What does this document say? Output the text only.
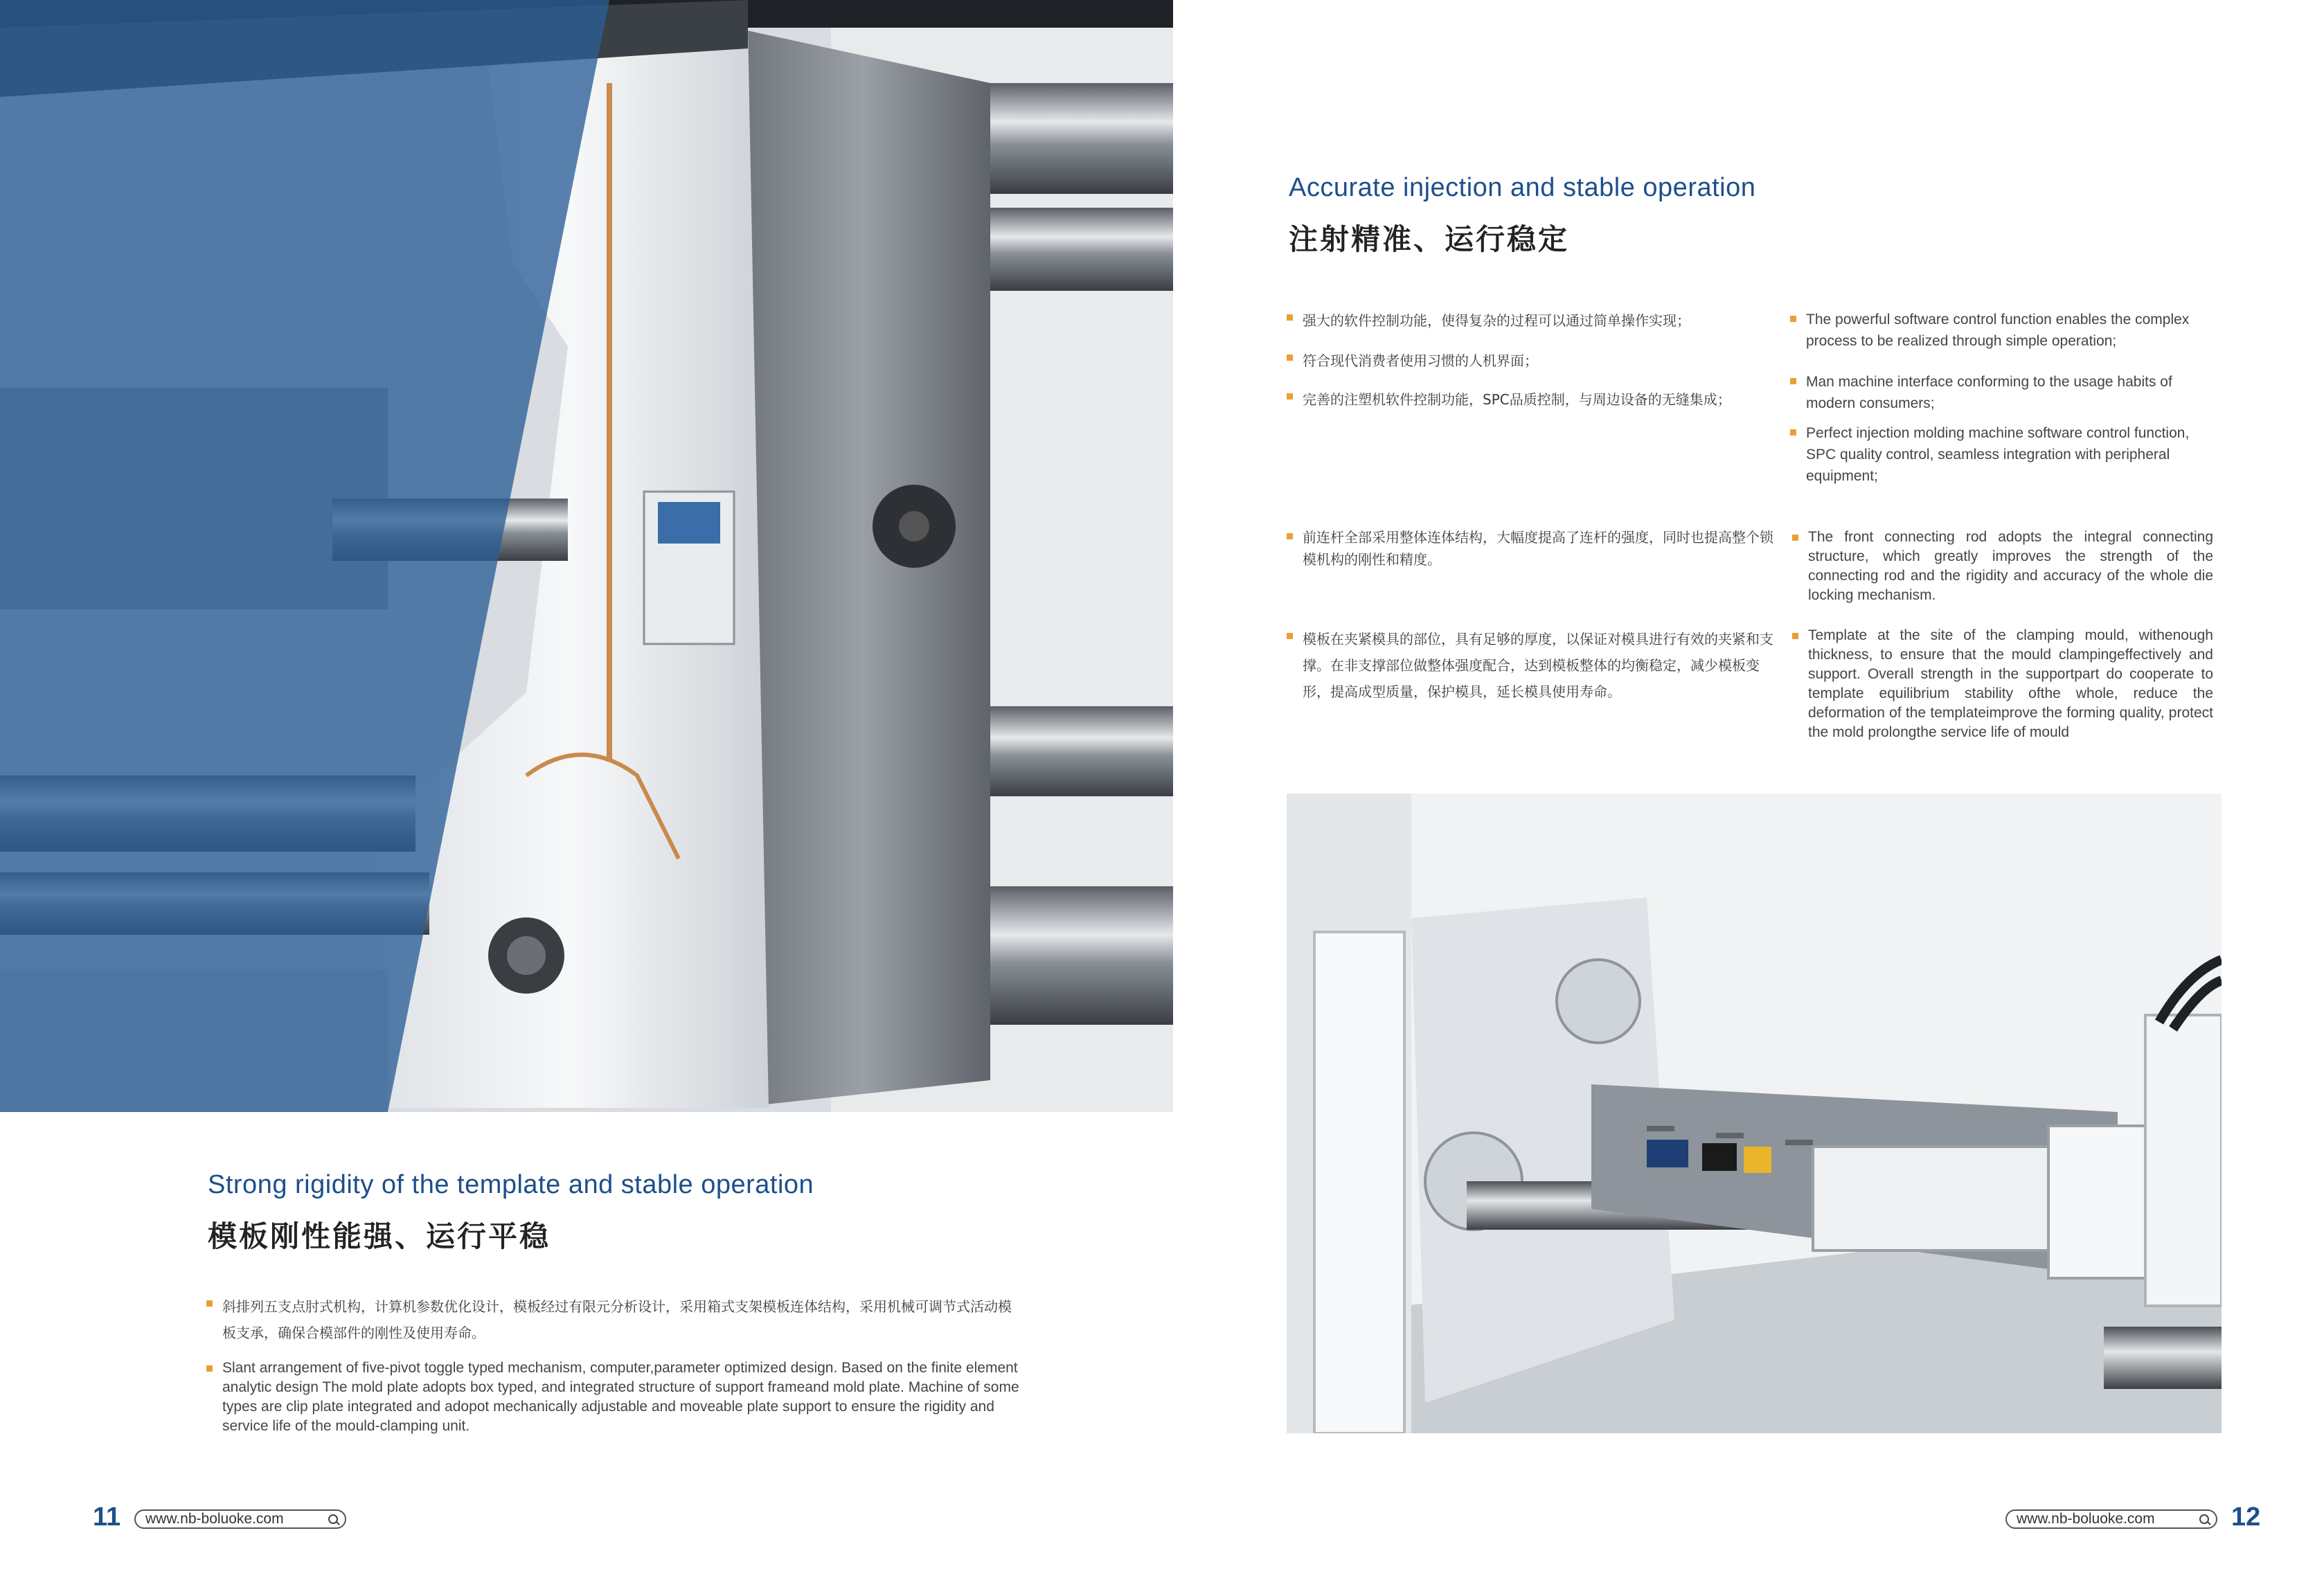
Accurate injection and stable operation
注射精准、运行稳定
强大的软件控制功能，使得复杂的过程可以通过简单操作实现；
符合现代消费者使用习惯的人机界面；
完善的注塑机软件控制功能，SPC品质控制，与周边设备的无缝集成；
The powerful software control function enables the complex process to be realized through simple operation;
Man machine interface conforming to the usage habits of modern consumers;
Perfect injection molding machine software control function, SPC quality control, seamless integration with peripheral equipment;
前连杆全部采用整体连体结构，大幅度提高了连杆的强度，同时也提高整个锁模机构的刚性和精度。
The front connecting rod adopts the integral connecting structure, which greatly improves the strength of the connecting rod and the rigidity and accuracy of the whole die locking mechanism.
模板在夹紧模具的部位，具有足够的厚度，以保证对模具进行有效的夹紧和支撑。在非支撑部位做整体强度配合，达到模板整体的均衡稳定，减少模板变形，提高成型质量，保护模具，延长模具使用寿命。
Template at the site of the clamping mould, withenough thickness, to ensure that the mould clampingeffectively and support. Overall strength in the supportpart do cooperate to template equilibrium stability ofthe whole, reduce the deformation of the templateimprove the forming quality, protect the mold prolongthe service life of mould
Strong rigidity of the template and stable operation
模板刚性能强、运行平稳
斜排列五支点肘式机构，计算机参数优化设计，模板经过有限元分析设计，采用箱式支架模板连体结构，采用机械可调节式活动模板支承，确保合模部件的刚性及使用寿命。
Slant arrangement of five-pivot toggle typed mechanism, computer,parameter optimized design. Based on the finite element analytic design The mold plate adopts box typed, and integrated structure of support frameand mold plate. Machine of some types are clip plate integrated and adopot mechanically adjustable and moveable plate support to ensure the rigidity and service life of the mould-clamping unit.
11 www.nb-boluoke.com	www.nb-boluoke.com	12
